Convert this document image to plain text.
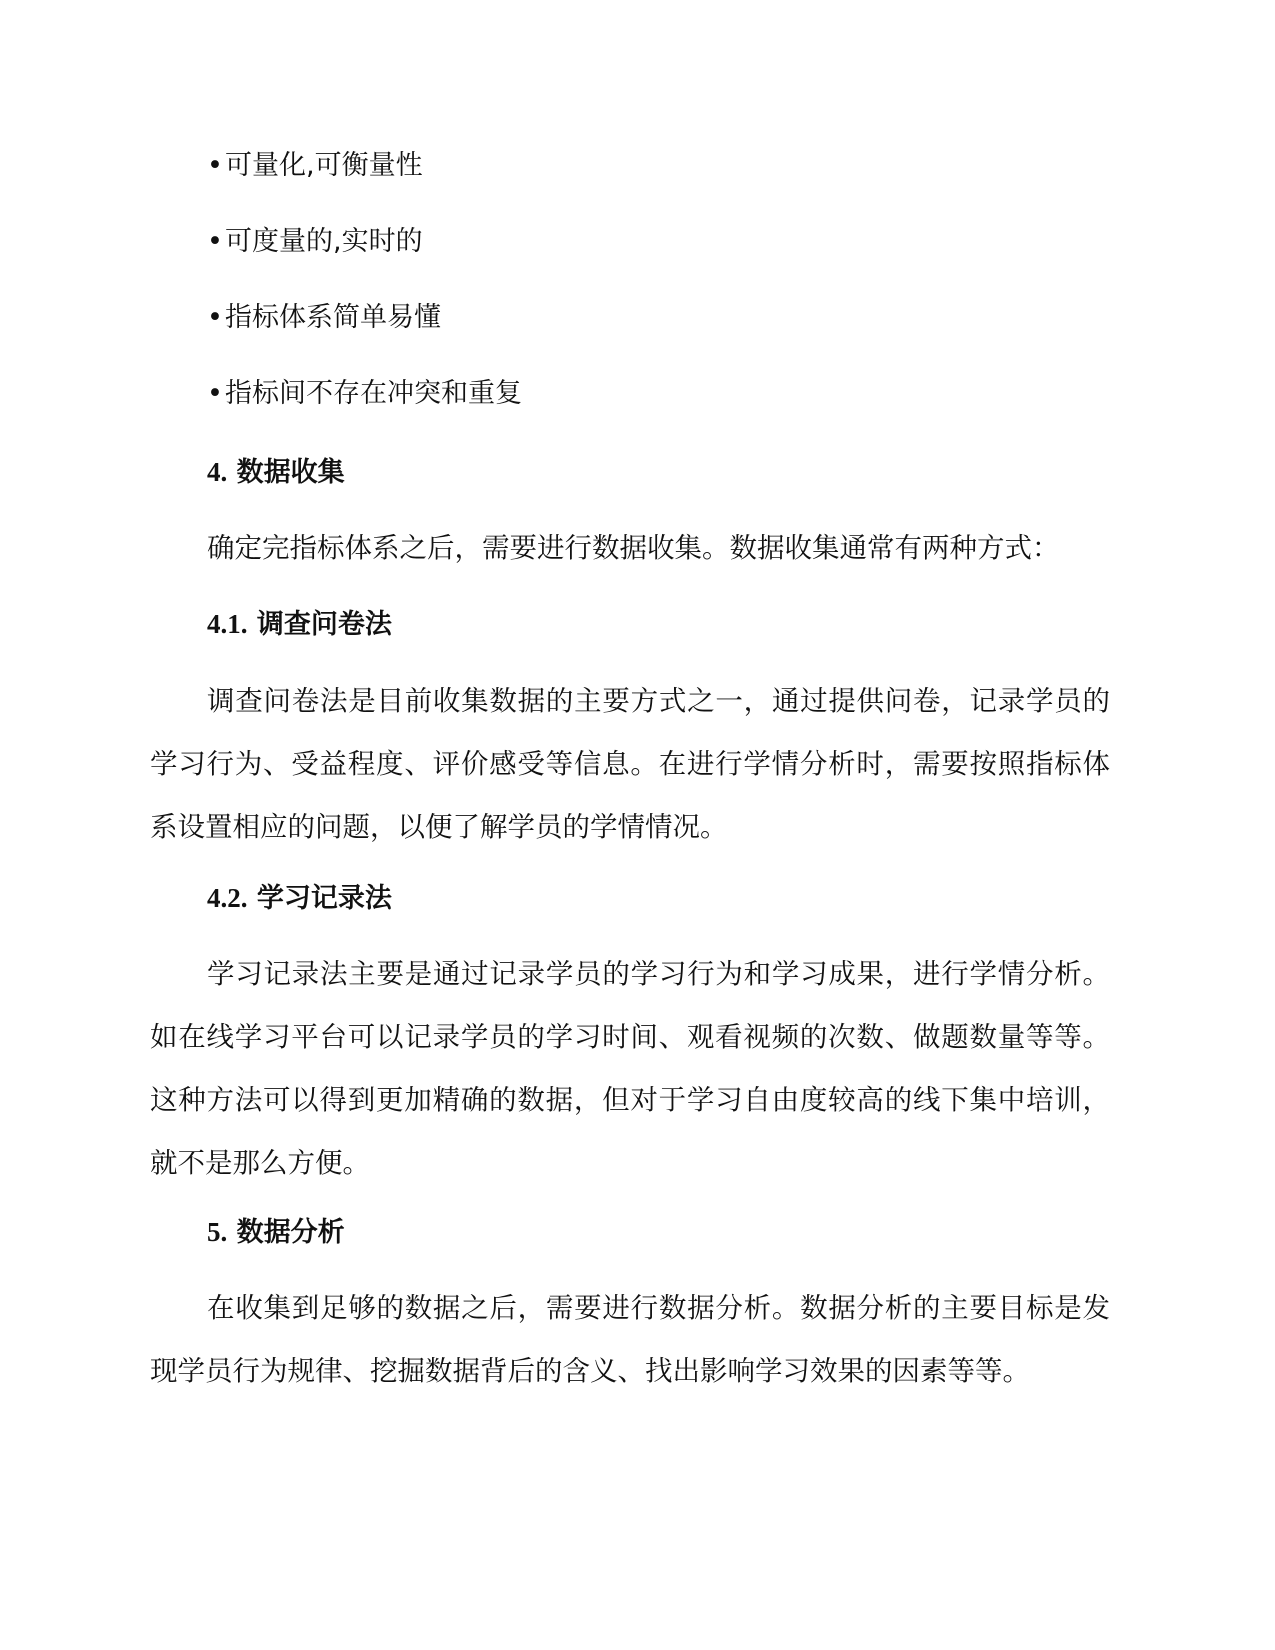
•可量化,可衡量性
•可度量的,实时的
•指标体系简单易懂
•指标间不存在冲突和重复
4. 数据收集
确定完指标体系之后，需要进行数据收集。数据收集通常有两种方式：
4.1. 调查问卷法
调查问卷法是目前收集数据的主要方式之一，通过提供问卷，记录学员的学习行为、受益程度、评价感受等信息。在进行学情分析时，需要按照指标体系设置相应的问题，以便了解学员的学情情况。
4.2. 学习记录法
学习记录法主要是通过记录学员的学习行为和学习成果，进行学情分析。如在线学习平台可以记录学员的学习时间、观看视频的次数、做题数量等等。这种方法可以得到更加精确的数据，但对于学习自由度较高的线下集中培训，就不是那么方便。
5. 数据分析
在收集到足够的数据之后，需要进行数据分析。数据分析的主要目标是发现学员行为规律、挖掘数据背后的含义、找出影响学习效果的因素等等。
